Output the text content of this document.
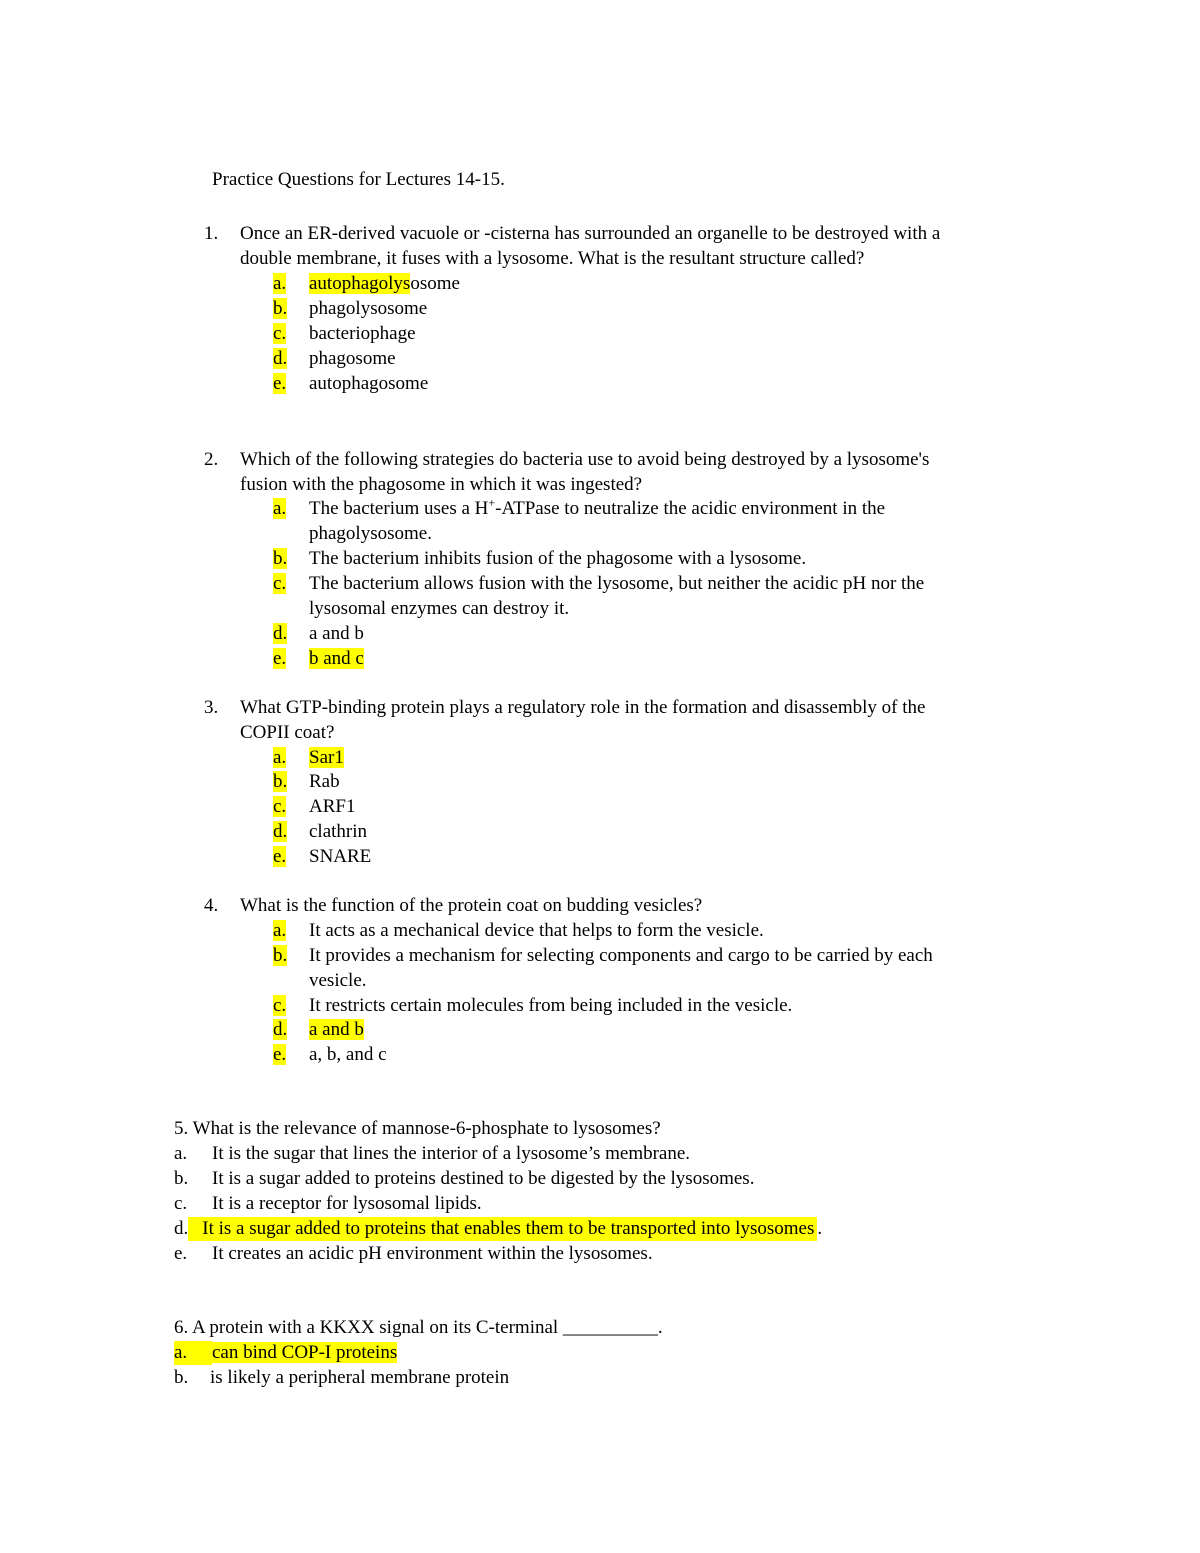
Practice Questions for Lectures 14-15.
1. Once an ER-derived vacuole or -cisterna has surrounded an organelle to be destroyed with a
double membrane, it fuses with a lysosome. What is the resultant structure called?
a. autophagolysosome
b. phagolysosome
c. bacteriophage
d. phagosome
e. autophagosome
2. Which of the following strategies do bacteria use to avoid being destroyed by a lysosome's
fusion with the phagosome in which it was ingested?
a. The bacterium uses a H+-ATPase to neutralize the acidic environment in the
phagolysosome.
b. The bacterium inhibits fusion of the phagosome with a lysosome.
c. The bacterium allows fusion with the lysosome, but neither the acidic pH nor the
lysosomal enzymes can destroy it.
d. a and b
e. b and c
3. What GTP-binding protein plays a regulatory role in the formation and disassembly of the
COPII coat?
a. Sar1
b. Rab
c. ARF1
d. clathrin
e. SNARE
4. What is the function of the protein coat on budding vesicles?
a. It acts as a mechanical device that helps to form the vesicle.
b. It provides a mechanism for selecting components and cargo to be carried by each
vesicle.
c. It restricts certain molecules from being included in the vesicle.
d. a and b
e. a, b, and c
5. What is the relevance of mannose-6-phosphate to lysosomes?
a. It is the sugar that lines the interior of a lysosome’s membrane.
b. It is a sugar added to proteins destined to be digested by the lysosomes.
c. It is a receptor for lysosomal lipids.
d. It is a sugar added to proteins that enables them to be transported into lysosomes .
e. It creates an acidic pH environment within the lysosomes.
6. A protein with a KKXX signal on its C-terminal __________.
a. can bind COP-I proteins
b. is likely a peripheral membrane protein
